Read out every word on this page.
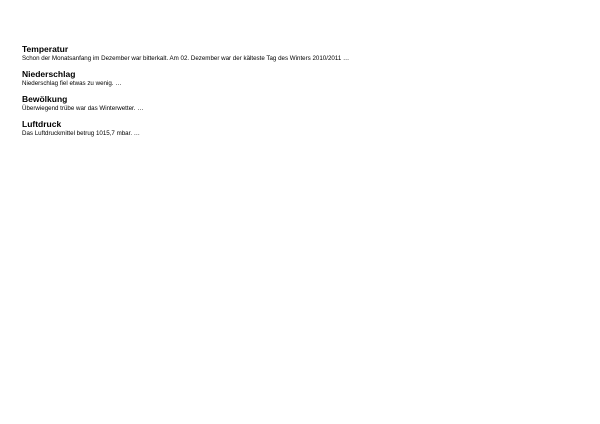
Temperatur
Schon der Monatsanfang im Dezember war bitterkalt. Am 02. Dezember war der kälteste Tag des Winters 2010/2011 …
Niederschlag
Niederschlag fiel etwas zu wenig. …
Bewölkung
Überwiegend trübe war das Winterwetter. …
Luftdruck
Das Luftdruckmittel betrug 1015,7 mbar. …
